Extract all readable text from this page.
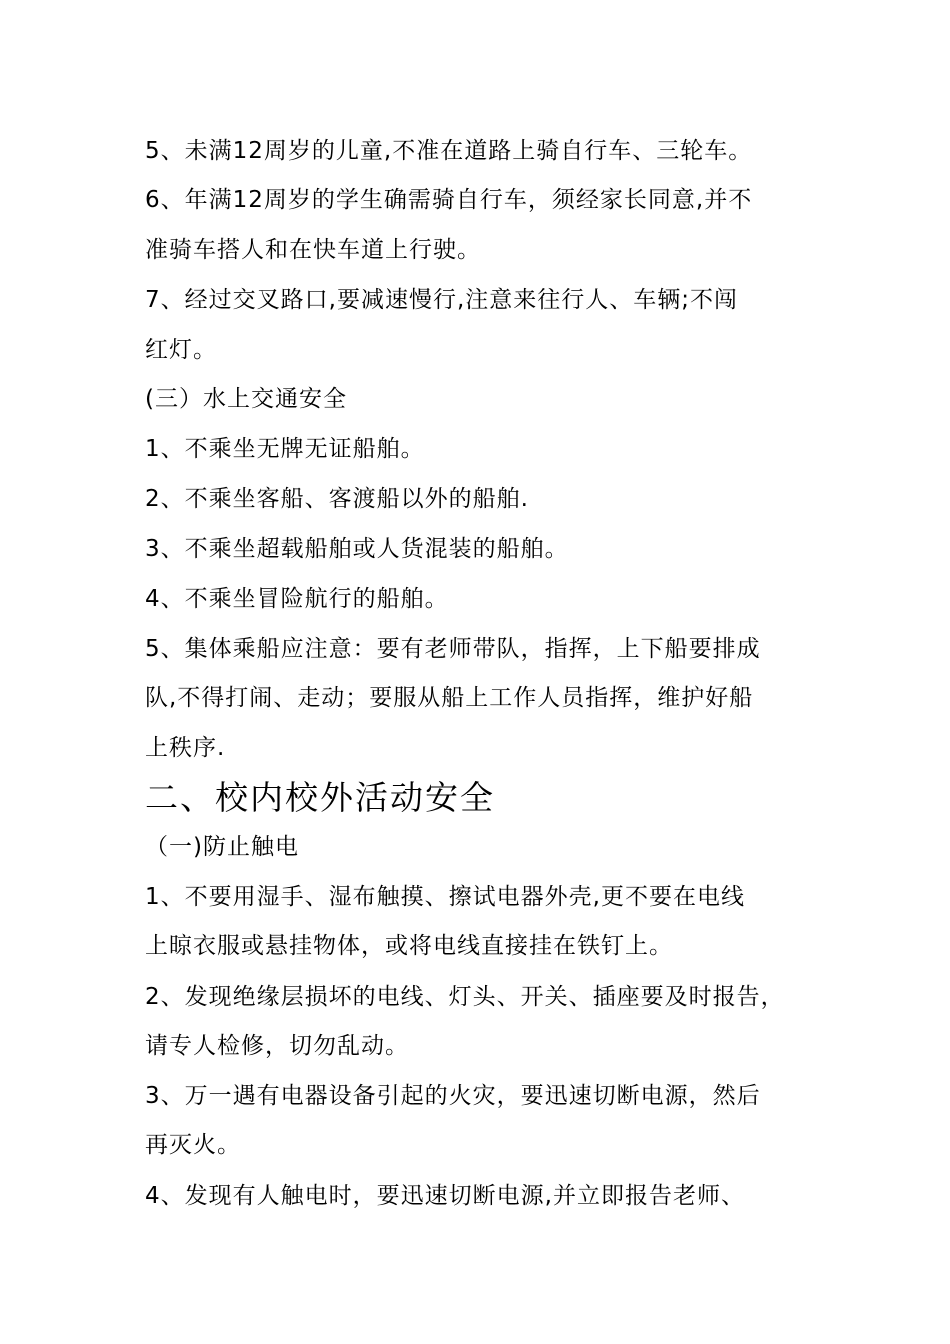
5、未满12周岁的儿童,不准在道路上骑自行车、三轮车。
6、年满12周岁的学生确需骑自行车，须经家长同意,并不
准骑车搭人和在快车道上行驶。
7、经过交叉路口,要减速慢行,注意来往行人、车辆;不闯
红灯。
(三）水上交通安全
1、不乘坐无牌无证船舶。
2、不乘坐客船、客渡船以外的船舶.
3、不乘坐超载船舶或人货混装的船舶。
4、不乘坐冒险航行的船舶。
5、集体乘船应注意：要有老师带队，指挥，上下船要排成
队,不得打闹、走动；要服从船上工作人员指挥，维护好船
上秩序.
二、校内校外活动安全
（一)防止触电
1、不要用湿手、湿布触摸、擦试电器外壳,更不要在电线
上晾衣服或悬挂物体，或将电线直接挂在铁钉上。
2、发现绝缘层损坏的电线、灯头、开关、插座要及时报告，
请专人检修，切勿乱动。
3、万一遇有电器设备引起的火灾，要迅速切断电源，然后
再灭火。
4、发现有人触电时，要迅速切断电源,并立即报告老师、
